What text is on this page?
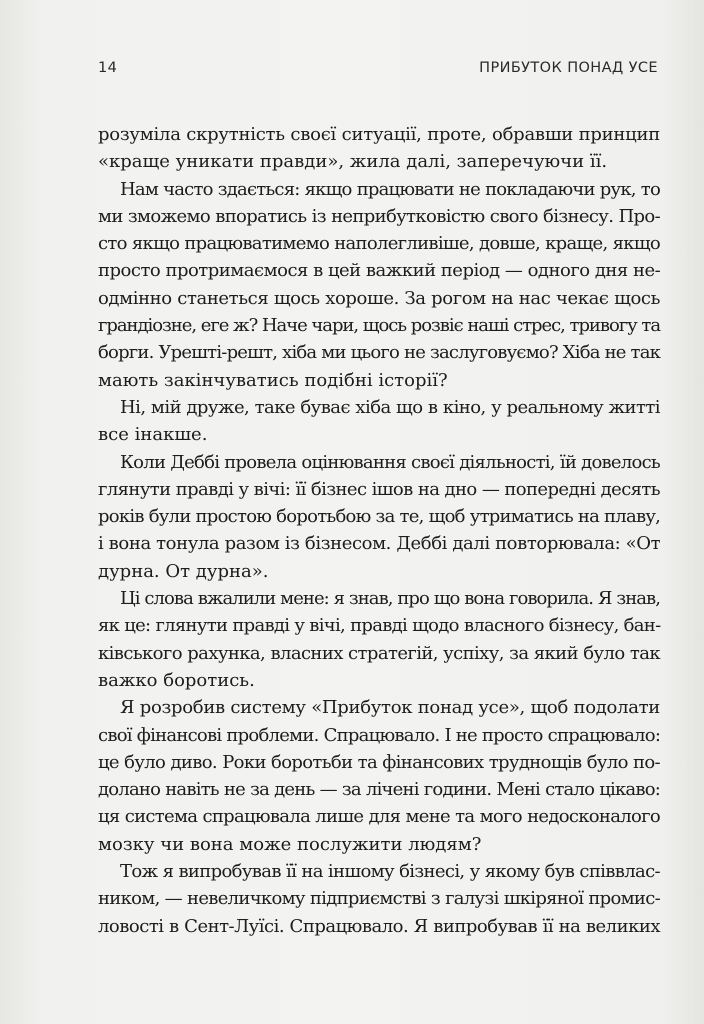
14	ПРИБУТОК ПОНАД УСЕ

розуміла скрутність своєї ситуації, проте, обравши принцип
«краще уникати правди», жила далі, заперечуючи її.

Нам часто здається: якщо працювати не покладаючи рук, то
ми зможемо впоратись із неприбутковістю свого бізнесу. Про-
сто якщо працюватимемо наполегливіше, довше, краще, якщо
просто протримаємося в цей важкий період — одного дня не-
одмінно станеться щось хороше. За рогом на нас чекає щось
грандіозне, еге ж? Наче чари, щось розвіє наші стрес, тривогу та
борги. Урешті-решт, хіба ми цього не заслуговуємо? Хіба не так
мають закінчуватись подібні історії?

Ні, мій друже, таке буває хіба що в кіно, у реальному житті
все інакше.

Коли Деббі провела оцінювання своєї діяльності, їй довелось
глянути правді у вічі: її бізнес ішов на дно — попередні десять
років були простою боротьбою за те, щоб утриматись на плаву,
і вона тонула разом із бізнесом. Деббі далі повторювала: «От
дурна. От дурна».

Ці слова вжалили мене: я знав, про що вона говорила. Я знав,
як це: глянути правді у вічі, правді щодо власного бізнесу, бан-
ківського рахунка, власних стратегій, успіху, за який було так
важко боротись.

Я розробив систему «Прибуток понад усе», щоб подолати
свої фінансові проблеми. Спрацювало. І не просто спрацювало:
це було диво. Роки боротьби та фінансових труднощів було по-
долано навіть не за день — за лічені години. Мені стало цікаво:
ця система спрацювала лише для мене та мого недосконалого
мозку чи вона може послужити людям?

Тож я випробував її на іншому бізнесі, у якому був співвлас-
ником, — невеличкому підприємстві з галузі шкіряної промис-
ловості в Сент-Луїсі. Спрацювало. Я випробував її на великих
